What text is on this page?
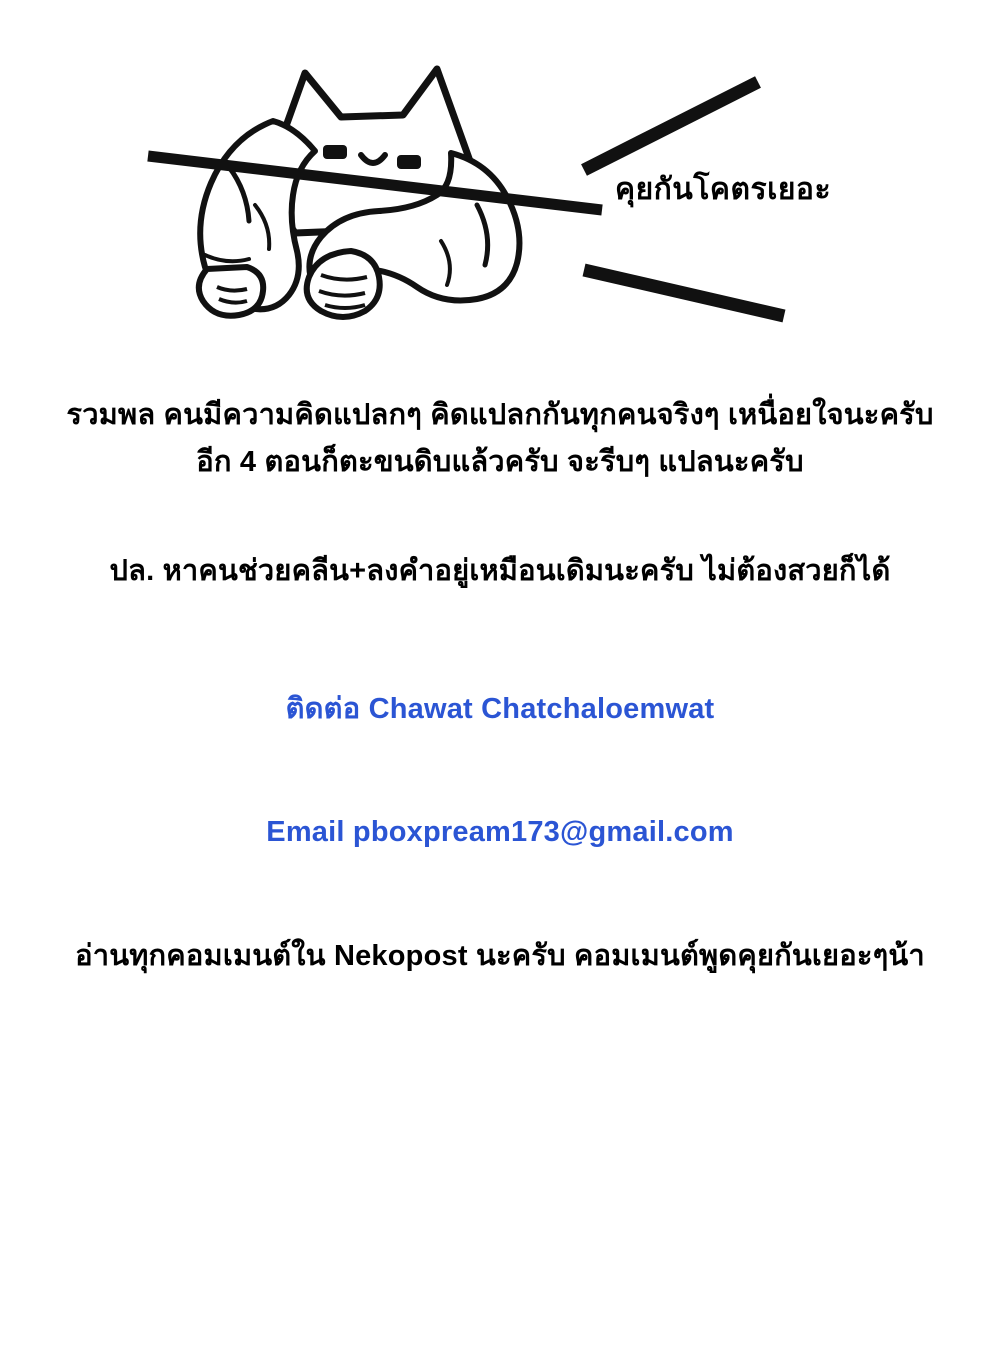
คุยกันโคตรเยอะ

รวมพล คนมีความคิดแปลกๆ คิดแปลกกันทุกคนจริงๆ เหนื่อยใจนะครับ อีก 4 ตอนก็ตะขนดิบแล้วครับ จะรีบๆ แปลนะครับ

ปล. หาคนช่วยคลีน+ลงคำอยู่เหมือนเดิมนะครับ ไม่ต้องสวยก็ได้

ติดต่อ Chawat Chatchaloemwat

Email pboxpream173@gmail.com

อ่านทุกคอมเมนต์ใน Nekopost นะครับ คอมเมนต์พูดคุยกันเยอะๆน้า
